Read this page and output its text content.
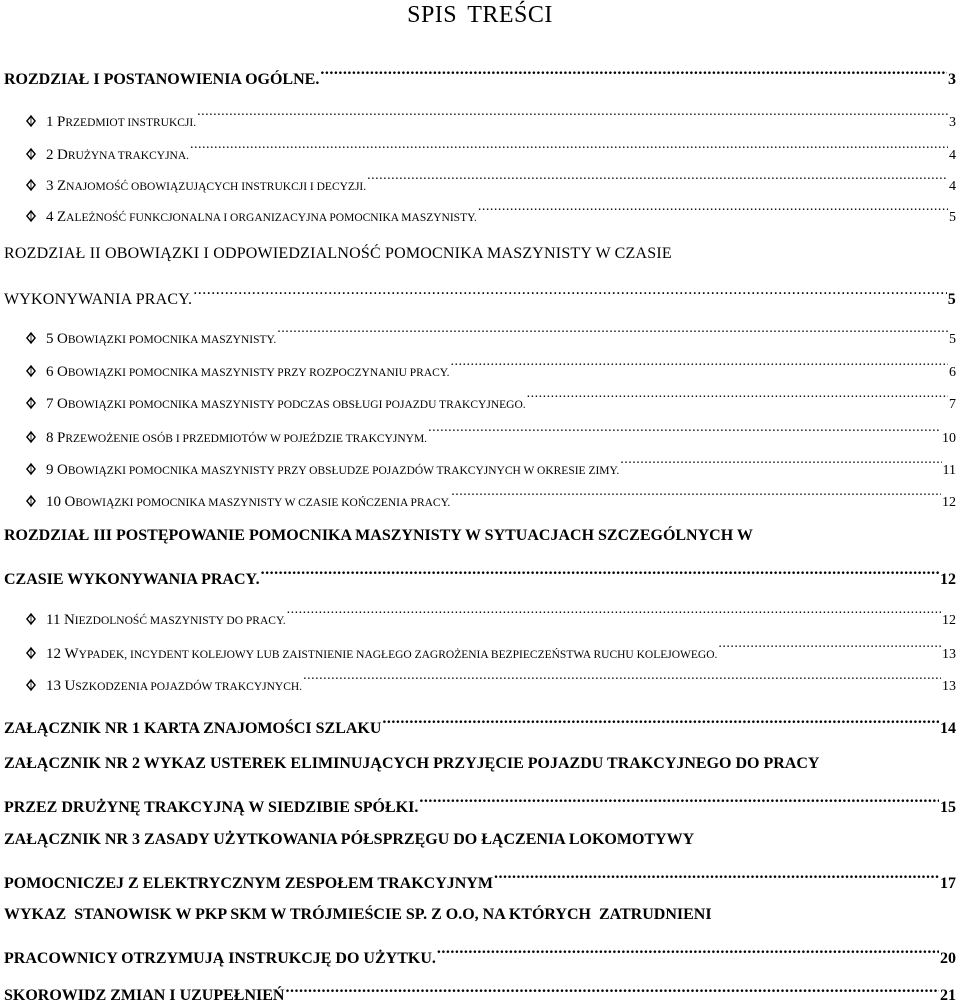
SPIS TREŚCI
ROZDZIAŁ I POSTANOWIENIA OGÓLNE. .....	3
1 PRZEDMIOT INSTRUKCJI. .....	3
2 DRUŻYNA TRAKCYJNA. .....	4
3 ZNAJOMOŚĆ OBOWIĄZUJĄCYCH INSTRUKCJI I DECYZJI. .....	4
4 ZALEŻNOŚĆ FUNKCJONALNA I ORGANIZACYJNA POMOCNIKA MASZYNISTY. .....	5
ROZDZIAŁ II OBOWIĄZKI I ODPOWIEDZIALNOŚĆ POMOCNIKA MASZYNISTY W CZASIE
WYKONYWANIA PRACY. .....	5
5 OBOWIĄZKI POMOCNIKA MASZYNISTY. .....	5
6 OBOWIĄZKI POMOCNIKA MASZYNISTY PRZY ROZPOCZYNANIU PRACY. .....	6
7 OBOWIĄZKI POMOCNIKA MASZYNISTY PODCZAS OBSŁUGI POJAZDU TRAKCYJNEGO. .....	7
8 PRZEWOŻENIE OSÓB I PRZEDMIOTÓW W POJEŹDZIE TRAKCYJNYM. .....	10
9 OBOWIĄZKI POMOCNIKA MASZYNISTY PRZY OBSŁUDZE POJAZDÓW TRAKCYJNYCH W OKRESIE ZIMY. .....	11
10 OBOWIĄZKI POMOCNIKA MASZYNISTY W CZASIE KOŃCZENIA PRACY. .....	12
ROZDZIAŁ III POSTĘPOWANIE POMOCNIKA MASZYNISTY W SYTUACJACH SZCZEGÓLNYCH W
CZASIE WYKONYWANIA PRACY. .....	12
11 NIEZDOLNOŚĆ MASZYNISTY DO PRACY. .....	12
12 WYPADEK, INCYDENT KOLEJOWY LUB ZAISTNIENIE NAGŁEGO ZAGROŻENIA BEZPIECZEŃSTWA RUCHU KOLEJOWEGO. .....	13
13 USZKODZENIA POJAZDÓW TRAKCYJNYCH. .....	13
ZAŁĄCZNIK NR 1 KARTA ZNAJOMOŚCI SZLAKU .....	14
ZAŁĄCZNIK NR 2 WYKAZ USTEREK ELIMINUJĄCYCH PRZYJĘCIE POJAZDU TRAKCYJNEGO DO PRACY
PRZEZ DRUŻYNĘ TRAKCYJNĄ W SIEDZIBIE SPÓŁKI. .....	15
ZAŁĄCZNIK NR 3 ZASADY UŻYTKOWANIA PÓŁSPRZĘGU DO ŁĄCZENIA LOKOMOTYWY
POMOCNICZEJ Z ELEKTRYCZNYM ZESPOŁEM TRAKCYJNYM .....	17
WYKAZ  STANOWISK W PKP SKM W TRÓJMIEŚCIE SP. Z O.O, NA KTÓRYCH  ZATRUDNIENI
PRACOWNICY OTRZYMUJĄ INSTRUKCJĘ DO UŻYTKU. .....	20
SKOROWIDZ ZMIAN I UZUPEŁNIEŃ .....	21
